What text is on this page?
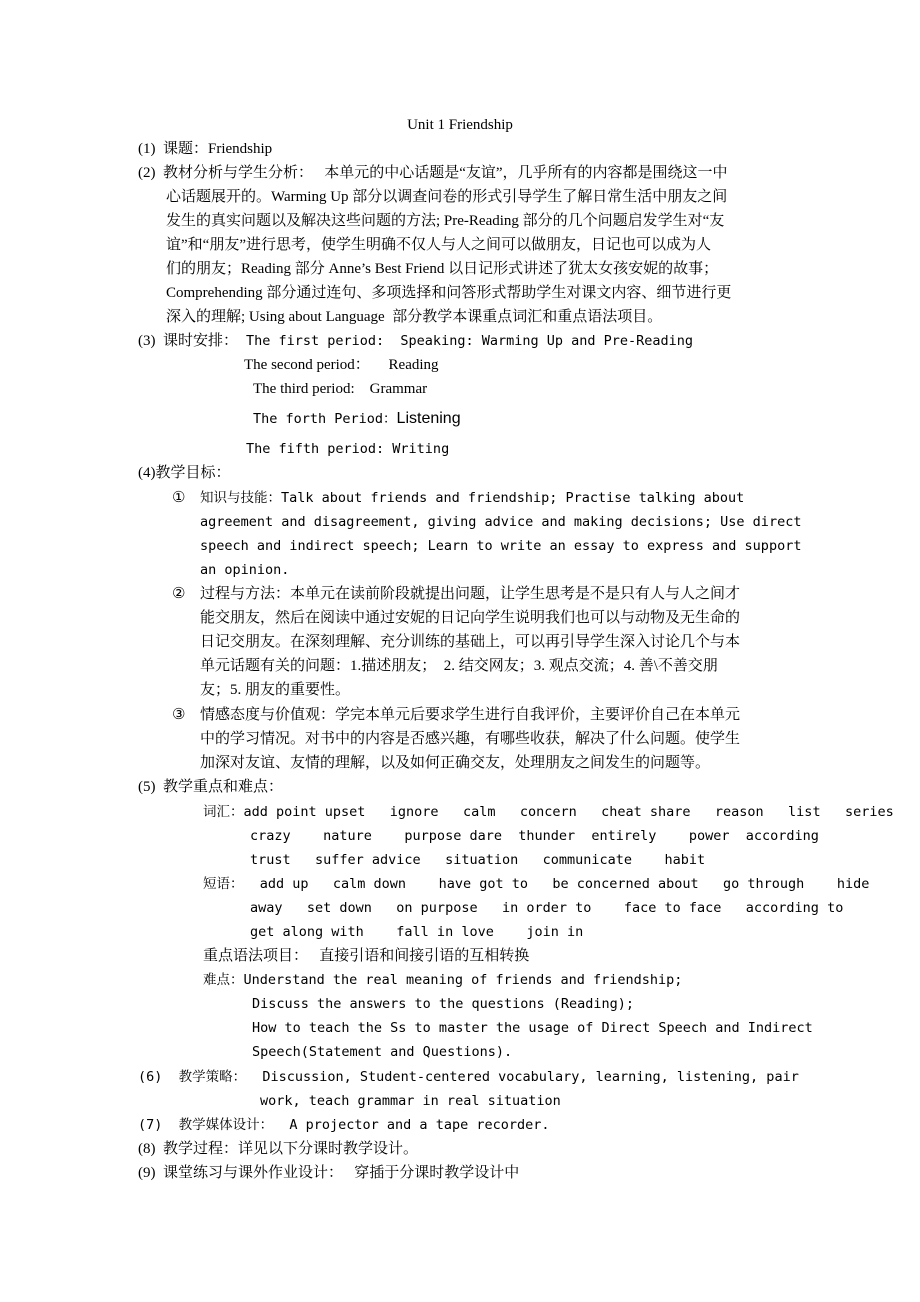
Unit 1 Friendship
(1)  课题：Friendship
(2)  教材分析与学生分析：   本单元的中心话题是“友谊”，几乎所有的内容都是围绕这一中
心话题展开的。Warming Up 部分以调查问卷的形式引导学生了解日常生活中朋友之间
发生的真实问题以及解决这些问题的方法; Pre-Reading 部分的几个问题启发学生对“友
谊”和“朋友”进行思考，使学生明确不仅人与人之间可以做朋友，日记也可以成为人
们的朋友；Reading 部分 Anne’s Best Friend 以日记形式讲述了犹太女孩安妮的故事；
Comprehending 部分通过连句、多项选择和问答形式帮助学生对课文内容、细节进行更
深入的理解; Using about Language  部分教学本课重点词汇和重点语法项目。
(3)  课时安排： The first period:  Speaking: Warming Up and Pre-Reading
The second period：     Reading
The third period:    Grammar
The forth Period：Listening
The fifth period: Writing
(4)教学目标：
① 知识与技能：Talk about friends and friendship; Practise talking about
agreement and disagreement, giving advice and making decisions; Use direct
speech and indirect speech; Learn to write an essay to express and support
an opinion.
② 过程与方法：本单元在读前阶段就提出问题，让学生思考是不是只有人与人之间才
能交朋友，然后在阅读中通过安妮的日记向学生说明我们也可以与动物及无生命的
日记交朋友。在深刻理解、充分训练的基础上，可以再引导学生深入讨论几个与本
单元话题有关的问题：1.描述朋友；  2. 结交网友；3. 观点交流；4. 善\不善交朋
友；5. 朋友的重要性。
③ 情感态度与价值观：学完本单元后要求学生进行自我评价，主要评价自己在本单元
中的学习情况。对书中的内容是否感兴趣，有哪些收获，解决了什么问题。使学生
加深对友谊、友情的理解，以及如何正确交友，处理朋友之间发生的问题等。
(5)  教学重点和难点：
词汇：add point upset   ignore   calm   concern   cheat share   reason   list   series
crazy    nature    purpose dare  thunder  entirely    power  according
trust   suffer advice   situation   communicate    habit
短语：  add up   calm down    have got to   be concerned about   go through    hide
away   set down   on purpose   in order to    face to face   according to
get along with    fall in love    join in
重点语法项目：   直接引语和间接引语的互相转换
难点：Understand the real meaning of friends and friendship;
Discuss the answers to the questions (Reading);
How to teach the Ss to master the usage of Direct Speech and Indirect
Speech(Statement and Questions).
(6)  教学策略：  Discussion, Student-centered vocabulary, learning, listening, pair
work, teach grammar in real situation
(7)  教学媒体设计：  A projector and a tape recorder.
(8)  教学过程：详见以下分课时教学设计。
(9)  课堂练习与课外作业设计：   穿插于分课时教学设计中
